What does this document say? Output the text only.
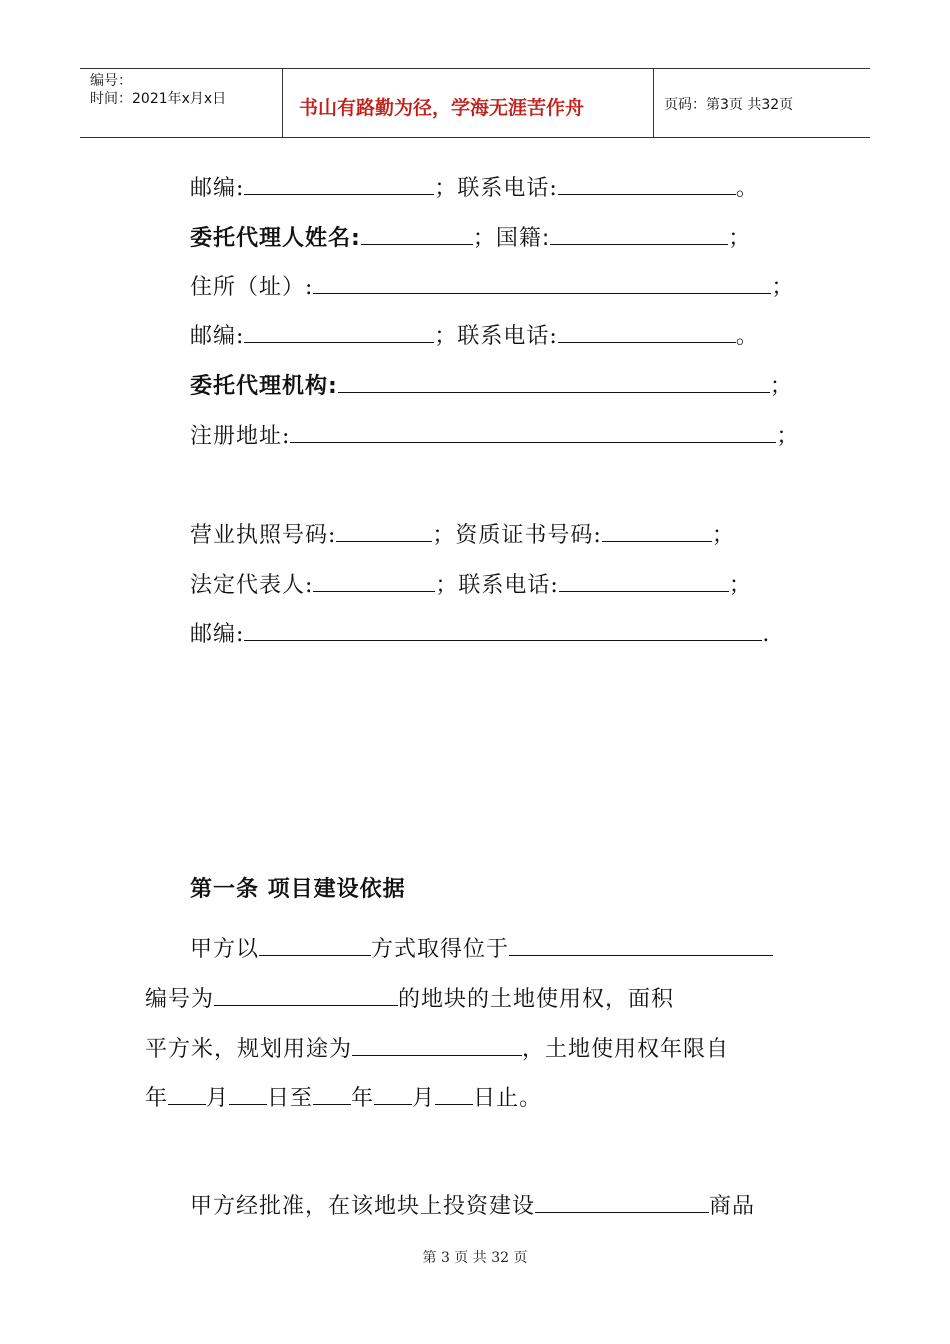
编号：
时间：2021年x月x日	书山有路勤为径，学海无涯苦作舟	页码：第3页 共32页
邮编:	；联系电话:	。
委托代理人姓名:	；国籍:	；
住所（址）:	；
邮编:	；联系电话:	。
委托代理机构:	；
注册地址:	；
营业执照号码:	；资质证书号码:	；
法定代表人:	；联系电话:	；
邮编:	.
第一条 项目建设依据
甲方以	方式取得位于
编号为	的地块的土地使用权，面积
平方米，规划用途为	，土地使用权年限自
年 月 日至 年 月 日止。
甲方经批准，在该地块上投资建设	商品
第 3 页 共 32 页
